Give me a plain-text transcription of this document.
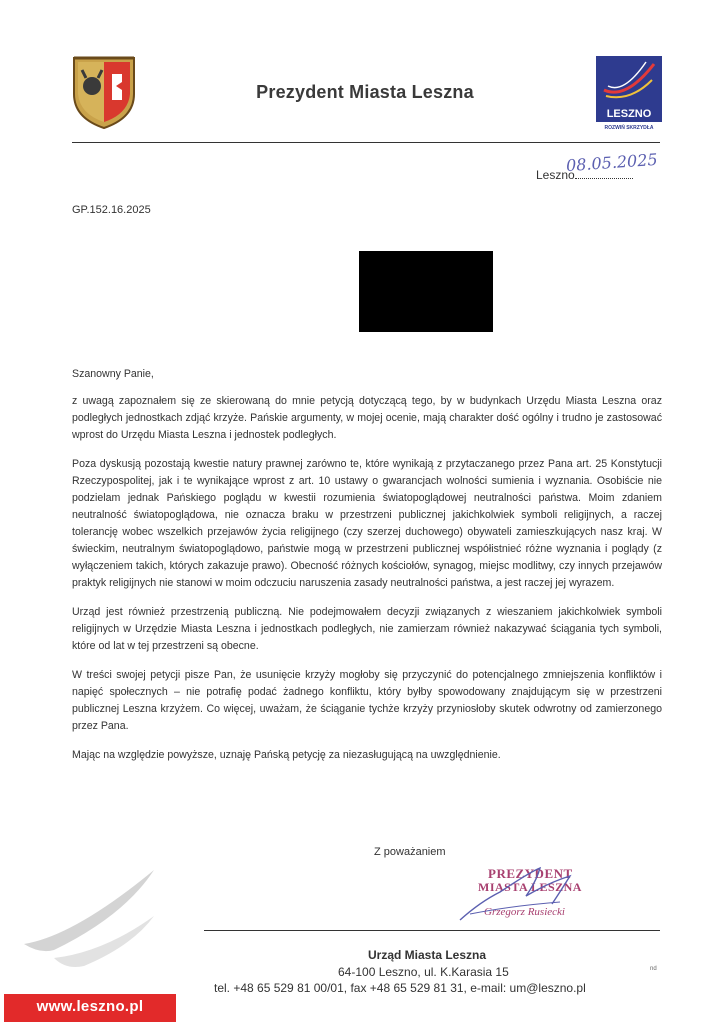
Prezydent Miasta Leszna
LESZNO
ROZWIŃ SKRZYDŁA
Leszno
08.05.2025
GP.152.16.2025

Szanowny Panie,

z uwagą zapoznałem się ze skierowaną do mnie petycją dotyczącą tego, by w budynkach Urzędu Miasta Leszna oraz podległych jednostkach zdjąć krzyże. Pańskie argumenty, w mojej ocenie, mają charakter dość ogólny i trudno je zastosować wprost do Urzędu Miasta Leszna i jednostek podległych.

Poza dyskusją pozostają kwestie natury prawnej zarówno te, które wynikają z przytaczanego przez Pana art. 25 Konstytucji Rzeczypospolitej, jak i te wynikające wprost z art. 10 ustawy o gwarancjach wolności sumienia i wyznania. Osobiście nie podzielam jednak Pańskiego poglądu w kwestii rozumienia światopoglądowej neutralności państwa. Moim zdaniem neutralność światopoglądowa, nie oznacza braku w przestrzeni publicznej jakichkolwiek symboli religijnych, a raczej tolerancję wobec wszelkich przejawów życia religijnego (czy szerzej duchowego) obywateli zamieszkujących nasz kraj. W świeckim, neutralnym światopoglądowo, państwie mogą w przestrzeni publicznej współistnieć różne wyznania i poglądy (z wyłączeniem takich, których zakazuje prawo). Obecność różnych kościołów, synagog, miejsc modlitwy, czy innych przejawów praktyk religijnych nie stanowi w moim odczuciu naruszenia zasady neutralności państwa, a jest raczej jej wyrazem.

Urząd jest również przestrzenią publiczną. Nie podejmowałem decyzji związanych z wieszaniem jakichkolwiek symboli religijnych w Urzędzie Miasta Leszna i jednostkach podległych, nie zamierzam również nakazywać ściągania tych symboli, które od lat w tej przestrzeni są obecne.

W treści swojej petycji pisze Pan, że usunięcie krzyży mogłoby się przyczynić do potencjalnego zmniejszenia konfliktów i napięć społecznych – nie potrafię podać żadnego konfliktu, który byłby spowodowany znajdującym się w przestrzeni publicznej Leszna krzyżem. Co więcej, uważam, że ściąganie tychże krzyży przyniosłoby skutek odwrotny od zamierzonego przez Pana.

Mając na względzie powyższe, uznaję Pańską petycję za niezasługującą na uwzględnienie.

Z poważaniem
PREZYDENT
MIASTA LESZNA
Grzegorz Rusiecki
Urząd Miasta Leszna
64-100 Leszno, ul. K.Karasia 15
tel. +48 65 529 81 00/01, fax +48 65 529 81 31, e-mail: um@leszno.pl
nd
www.leszno.pl
